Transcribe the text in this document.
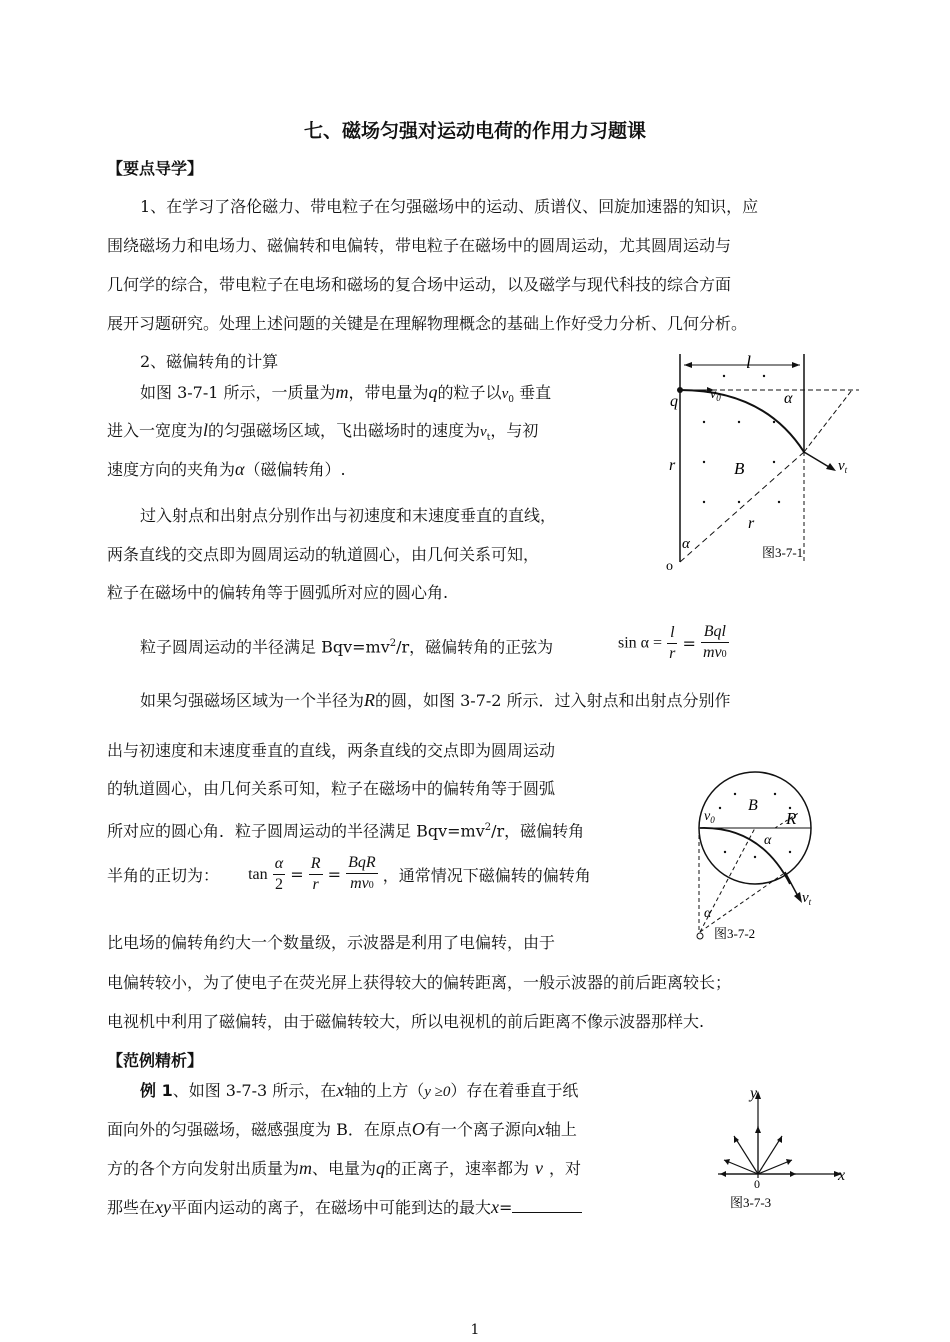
七、磁场匀强对运动电荷的作用力习题课
【要点导学】
1、在学习了洛伦磁力、带电粒子在匀强磁场中的运动、质谱仪、回旋加速器的知识，应
围绕磁场力和电场力、磁偏转和电偏转，带电粒子在磁场中的圆周运动，尤其圆周运动与
几何学的综合，带电粒子在电场和磁场的复合场中运动，以及磁学与现代科技的综合方面
展开习题研究。处理上述问题的关键是在理解物理概念的基础上作好受力分析、几何分析。
2、磁偏转角的计算
如图 3-7-1 所示，一质量为m，带电量为q的粒子以$v_0$ 垂直
进入一宽度为l的匀强磁场区域，飞出磁场时的速度为$v_t$，与初
速度方向的夹角为α（磁偏转角）.
过入射点和出射点分别作出与初速度和末速度垂直的直线，
两条直线的交点即为圆周运动的轨道圆心，由几何关系可知，
粒子在磁场中的偏转角等于圆弧所对应的圆心角.
粒子圆周运动的半径满足 $Bqv=mv^2/r$，磁偏转角的正弦为	$\sin \alpha = \frac{l}{r} = \frac{\text{Bql}}{mv0}$
如果匀强磁场区域为一个半径为R的圆，如图 3-7-2 所示．过入射点和出射点分别作
出与初速度和末速度垂直的直线，两条直线的交点即为圆周运动
的轨道圆心，由几何关系可知，粒子在磁场中的偏转角等于圆弧
所对应的圆心角．粒子圆周运动的半径满足 $Bqv=mv^2/r$，磁偏转角
半角的正切为： $\tan \frac{\alpha}{2} = \frac{R}{r} = \frac{\text{BqR}}{mv0}$ ，通常情况下磁偏转的偏转角
比电场的偏转角约大一个数量级，示波器是利用了电偏转，由于
电偏转较小，为了使电子在荧光屏上获得较大的偏转距离，一般示波器的前后距离较长；
电视机中利用了磁偏转，由于磁偏转较大，所以电视机的前后距离不像示波器那样大.
【范例精析】
例 1、如图 3-7-3 所示，在x轴的上方（y ≥0）存在着垂直于纸
面向外的匀强磁场，磁感强度为 B．在原点O有一个离子源向x轴上
方的各个方向发射出质量为m、电量为q的正离子，速率都为 v ，对
那些在xy平面内运动的离子，在磁场中可能到达的最大x=
l
q $v_0$	α
$v_t$
r	B
r
α
o
图3-7-1
$v_0$
B
R
α
$v_t$
α
图3-7-2
y
x
0
图3-7-3
1
